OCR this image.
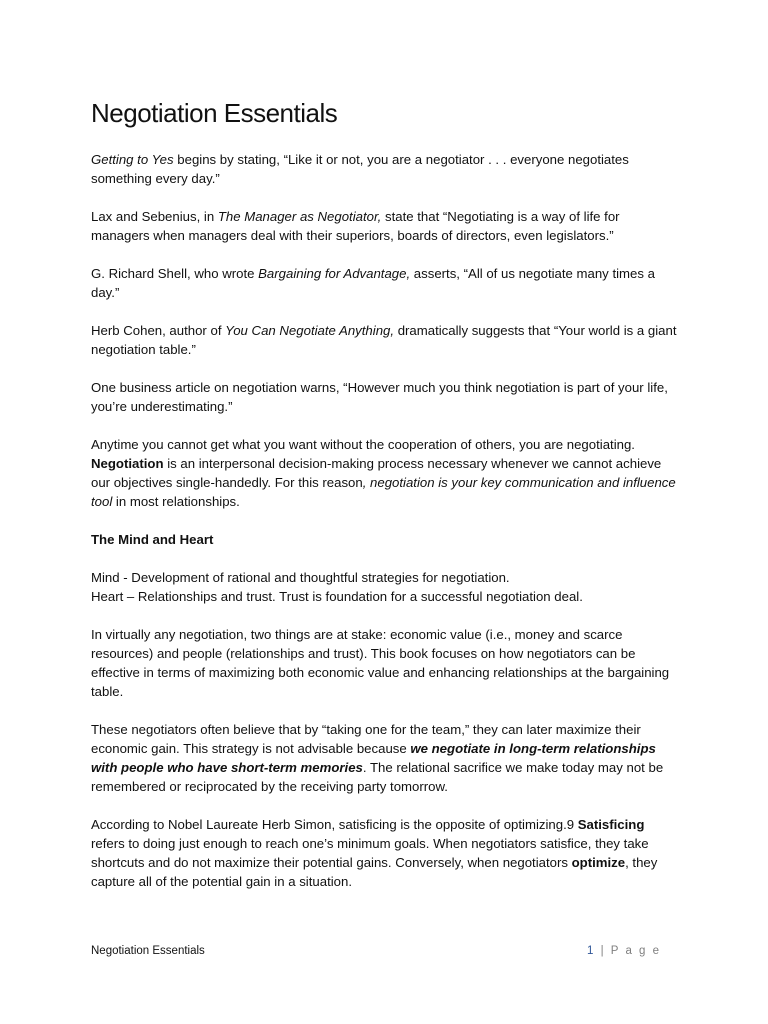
Negotiation Essentials

Getting to Yes begins by stating, “Like it or not, you are a negotiator . . . everyone negotiates something every day.”

Lax and Sebenius, in The Manager as Negotiator, state that “Negotiating is a way of life for managers when managers deal with their superiors, boards of directors, even legislators.”

G. Richard Shell, who wrote Bargaining for Advantage, asserts, “All of us negotiate many times a day.”

Herb Cohen, author of You Can Negotiate Anything, dramatically suggests that “Your world is a giant negotiation table.”

One business article on negotiation warns, “However much you think negotiation is part of your life, you’re underestimating.”

Anytime you cannot get what you want without the cooperation of others, you are negotiating. Negotiation is an interpersonal decision-making process necessary whenever we cannot achieve our objectives single-handedly. For this reason, negotiation is your key communication and influence tool in most relationships.

The Mind and Heart

Mind - Development of rational and thoughtful strategies for negotiation.
Heart – Relationships and trust. Trust is foundation for a successful negotiation deal.

In virtually any negotiation, two things are at stake: economic value (i.e., money and scarce resources) and people (relationships and trust). This book focuses on how negotiators can be effective in terms of maximizing both economic value and enhancing relationships at the bargaining table.

These negotiators often believe that by “taking one for the team,” they can later maximize their economic gain. This strategy is not advisable because we negotiate in long-term relationships with people who have short-term memories. The relational sacrifice we make today may not be remembered or reciprocated by the receiving party tomorrow.

According to Nobel Laureate Herb Simon, satisficing is the opposite of optimizing.9 Satisficing refers to doing just enough to reach one’s minimum goals. When negotiators satisfice, they take shortcuts and do not maximize their potential gains. Conversely, when negotiators optimize, they capture all of the potential gain in a situation.

Negotiation Essentials	1 | P a g e
